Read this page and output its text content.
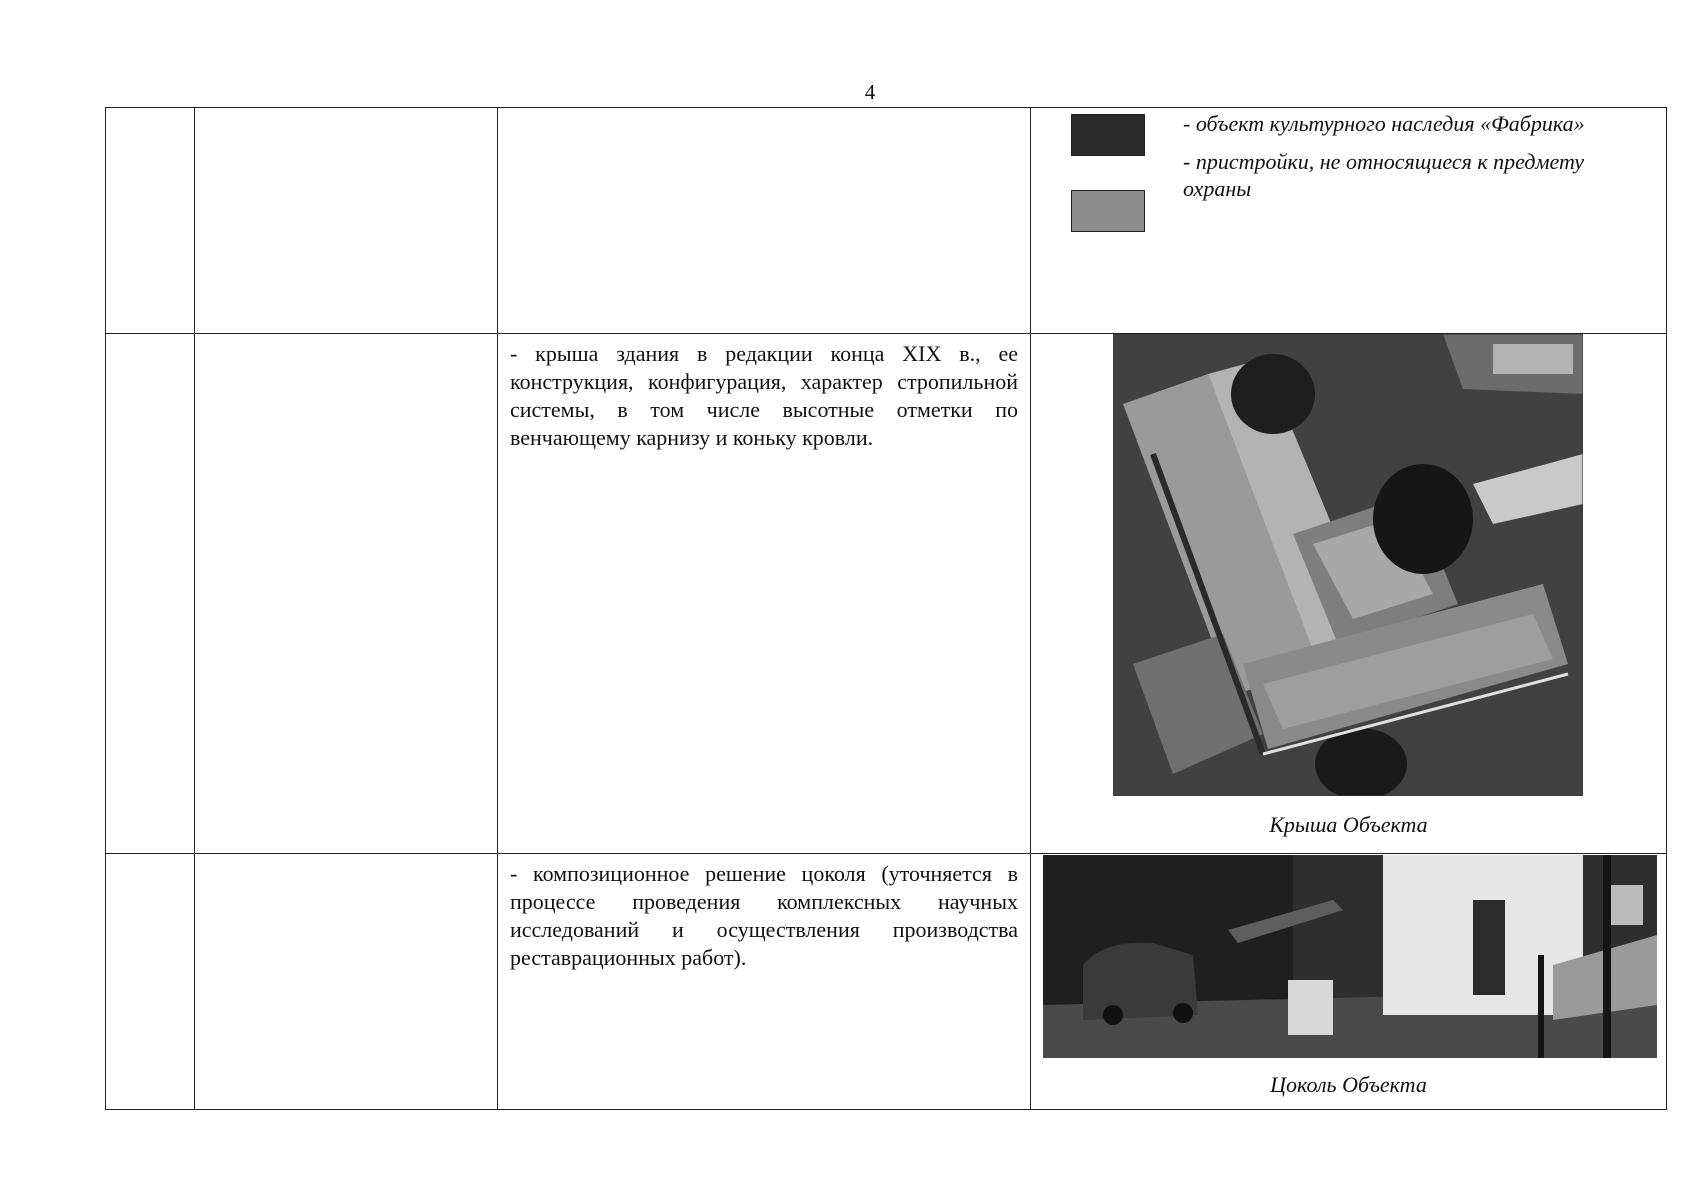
4

			- объект культурного наследия «Фабрика»
- пристройки, не относящиеся к предмету охраны

		- крыша здания в редакции конца XIX в., ее конструкция, конфигурация, характер стропильной системы, в том числе высотные отметки по венчающему карнизу и коньку кровли.	Крыша Объекта

		- композиционное решение цоколя (уточняется в процессе проведения комплексных научных исследований и осуществления производства реставрационных работ).	Цоколь Объекта
